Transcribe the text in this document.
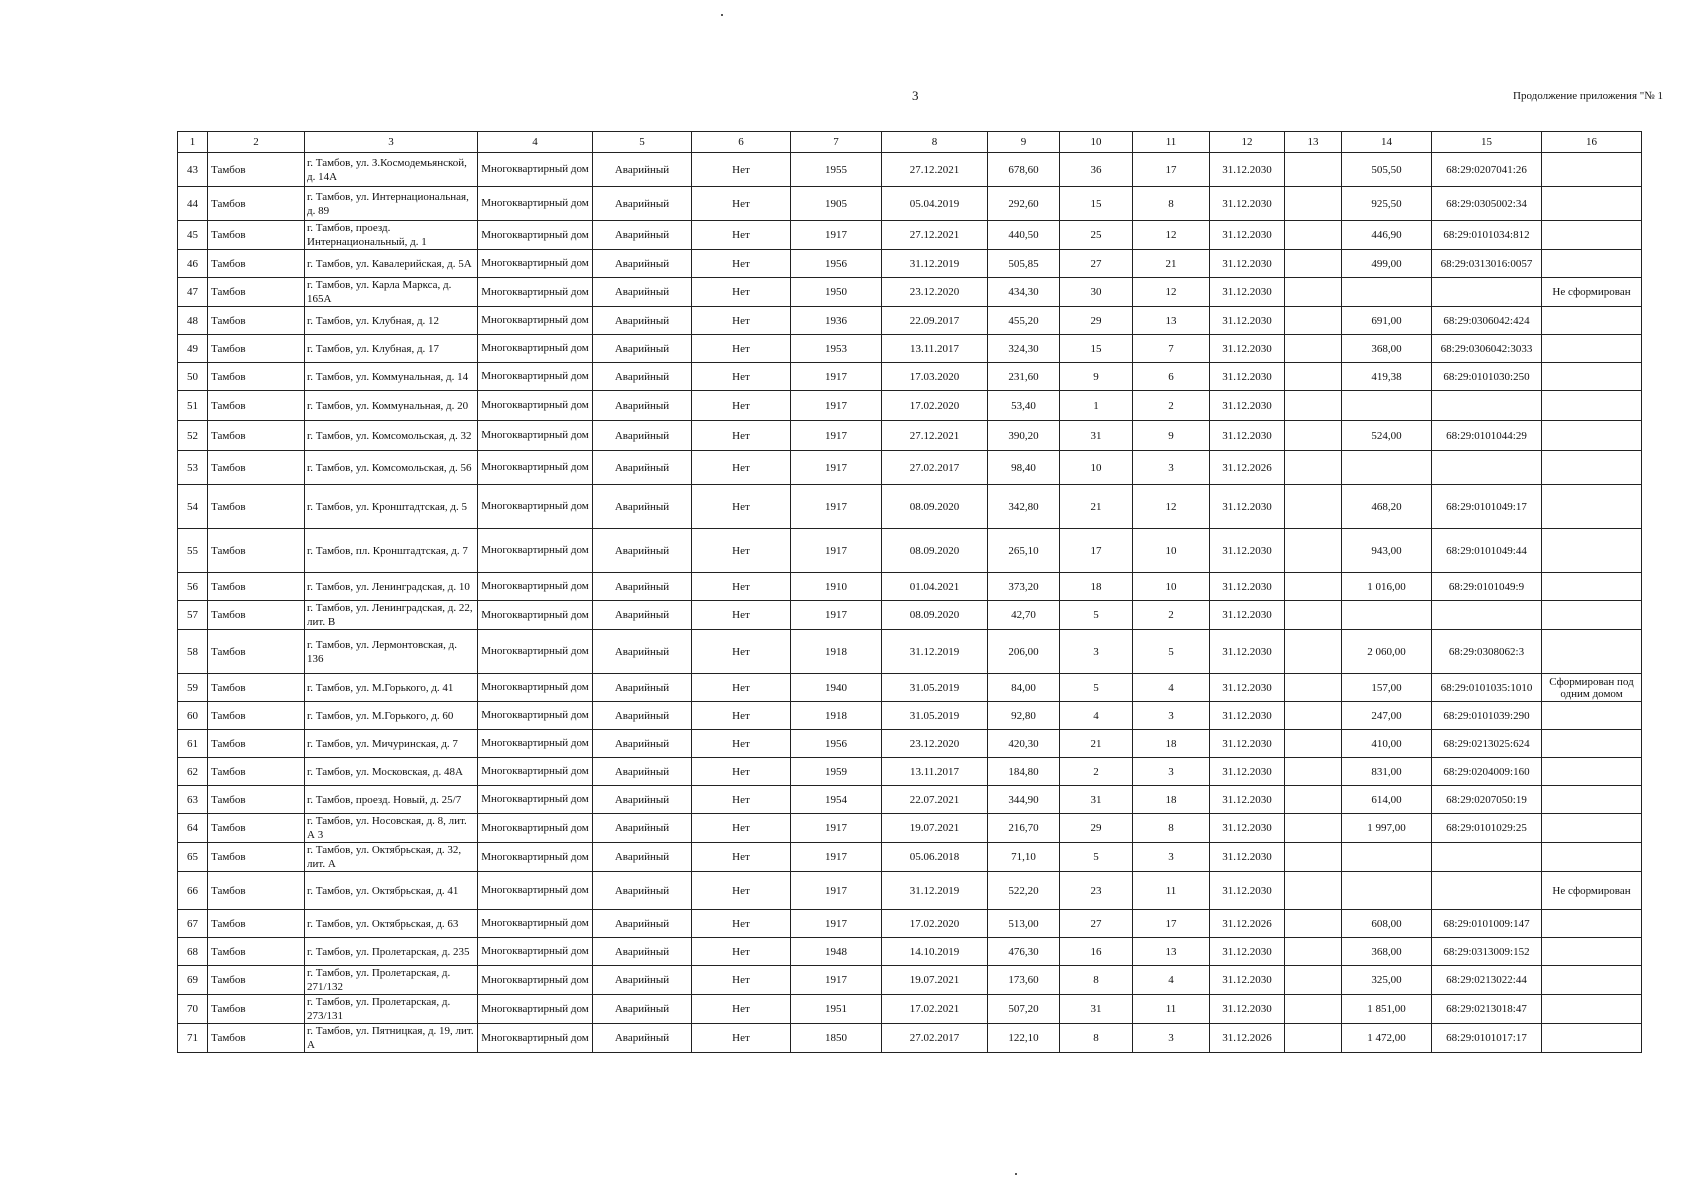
3	Продолжение приложения "№ 1
1	2	3	4	5	6	7	8	9	10	11	12	13	14	15	16
43	Тамбов	г. Тамбов, ул. З.Космодемьянской, д. 14А	Многоквартирный дом	Аварийный	Нет	1955	27.12.2021	678,60	36	17	31.12.2030		505,50	68:29:0207041:26	
44	Тамбов	г. Тамбов, ул. Интернациональная, д. 89	Многоквартирный дом	Аварийный	Нет	1905	05.04.2019	292,60	15	8	31.12.2030		925,50	68:29:0305002:34	
45	Тамбов	г. Тамбов, проезд. Интернациональный, д. 1	Многоквартирный дом	Аварийный	Нет	1917	27.12.2021	440,50	25	12	31.12.2030		446,90	68:29:0101034:812	
46	Тамбов	г. Тамбов, ул. Кавалерийская, д. 5А	Многоквартирный дом	Аварийный	Нет	1956	31.12.2019	505,85	27	21	31.12.2030		499,00	68:29:0313016:0057	
47	Тамбов	г. Тамбов, ул. Карла Маркса, д. 165А	Многоквартирный дом	Аварийный	Нет	1950	23.12.2020	434,30	30	12	31.12.2030				Не сформирован
48	Тамбов	г. Тамбов, ул. Клубная, д. 12	Многоквартирный дом	Аварийный	Нет	1936	22.09.2017	455,20	29	13	31.12.2030		691,00	68:29:0306042:424	
49	Тамбов	г. Тамбов, ул. Клубная, д. 17	Многоквартирный дом	Аварийный	Нет	1953	13.11.2017	324,30	15	7	31.12.2030		368,00	68:29:0306042:3033	
50	Тамбов	г. Тамбов, ул. Коммунальная, д. 14	Многоквартирный дом	Аварийный	Нет	1917	17.03.2020	231,60	9	6	31.12.2030		419,38	68:29:0101030:250	
51	Тамбов	г. Тамбов, ул. Коммунальная, д. 20	Многоквартирный дом	Аварийный	Нет	1917	17.02.2020	53,40	1	2	31.12.2030				
52	Тамбов	г. Тамбов, ул. Комсомольская, д. 32	Многоквартирный дом	Аварийный	Нет	1917	27.12.2021	390,20	31	9	31.12.2030		524,00	68:29:0101044:29	
53	Тамбов	г. Тамбов, ул. Комсомольская, д. 56	Многоквартирный дом	Аварийный	Нет	1917	27.02.2017	98,40	10	3	31.12.2026				
54	Тамбов	г. Тамбов, ул. Кронштадтская, д. 5	Многоквартирный дом	Аварийный	Нет	1917	08.09.2020	342,80	21	12	31.12.2030		468,20	68:29:0101049:17	
55	Тамбов	г. Тамбов, пл. Кронштадтская, д. 7	Многоквартирный дом	Аварийный	Нет	1917	08.09.2020	265,10	17	10	31.12.2030		943,00	68:29:0101049:44	
56	Тамбов	г. Тамбов, ул. Ленинградская, д. 10	Многоквартирный дом	Аварийный	Нет	1910	01.04.2021	373,20	18	10	31.12.2030		1 016,00	68:29:0101049:9	
57	Тамбов	г. Тамбов, ул. Ленинградская, д. 22, лит. В	Многоквартирный дом	Аварийный	Нет	1917	08.09.2020	42,70	5	2	31.12.2030				
58	Тамбов	г. Тамбов, ул. Лермонтовская, д. 136	Многоквартирный дом	Аварийный	Нет	1918	31.12.2019	206,00	3	5	31.12.2030		2 060,00	68:29:0308062:3	
59	Тамбов	г. Тамбов, ул. М.Горького, д. 41	Многоквартирный дом	Аварийный	Нет	1940	31.05.2019	84,00	5	4	31.12.2030		157,00	68:29:0101035:1010	Сформирован под одним домом
60	Тамбов	г. Тамбов, ул. М.Горького, д. 60	Многоквартирный дом	Аварийный	Нет	1918	31.05.2019	92,80	4	3	31.12.2030		247,00	68:29:0101039:290	
61	Тамбов	г. Тамбов, ул. Мичуринская, д. 7	Многоквартирный дом	Аварийный	Нет	1956	23.12.2020	420,30	21	18	31.12.2030		410,00	68:29:0213025:624	
62	Тамбов	г. Тамбов, ул. Московская, д. 48А	Многоквартирный дом	Аварийный	Нет	1959	13.11.2017	184,80	2	3	31.12.2030		831,00	68:29:0204009:160	
63	Тамбов	г. Тамбов, проезд. Новый, д. 25/7	Многоквартирный дом	Аварийный	Нет	1954	22.07.2021	344,90	31	18	31.12.2030		614,00	68:29:0207050:19	
64	Тамбов	г. Тамбов, ул. Носовская, д. 8, лит. А 3	Многоквартирный дом	Аварийный	Нет	1917	19.07.2021	216,70	29	8	31.12.2030		1 997,00	68:29:0101029:25	
65	Тамбов	г. Тамбов, ул. Октябрьская, д. 32, лит. А	Многоквартирный дом	Аварийный	Нет	1917	05.06.2018	71,10	5	3	31.12.2030				
66	Тамбов	г. Тамбов, ул. Октябрьская, д. 41	Многоквартирный дом	Аварийный	Нет	1917	31.12.2019	522,20	23	11	31.12.2030				Не сформирован
67	Тамбов	г. Тамбов, ул. Октябрьская, д. 63	Многоквартирный дом	Аварийный	Нет	1917	17.02.2020	513,00	27	17	31.12.2026		608,00	68:29:0101009:147	
68	Тамбов	г. Тамбов, ул. Пролетарская, д. 235	Многоквартирный дом	Аварийный	Нет	1948	14.10.2019	476,30	16	13	31.12.2030		368,00	68:29:0313009:152	
69	Тамбов	г. Тамбов, ул. Пролетарская, д. 271/132	Многоквартирный дом	Аварийный	Нет	1917	19.07.2021	173,60	8	4	31.12.2030		325,00	68:29:0213022:44	
70	Тамбов	г. Тамбов, ул. Пролетарская, д. 273/131	Многоквартирный дом	Аварийный	Нет	1951	17.02.2021	507,20	31	11	31.12.2030		1 851,00	68:29:0213018:47	
71	Тамбов	г. Тамбов, ул. Пятницкая, д. 19, лит. А	Многоквартирный дом	Аварийный	Нет	1850	27.02.2017	122,10	8	3	31.12.2026		1 472,00	68:29:0101017:17	
